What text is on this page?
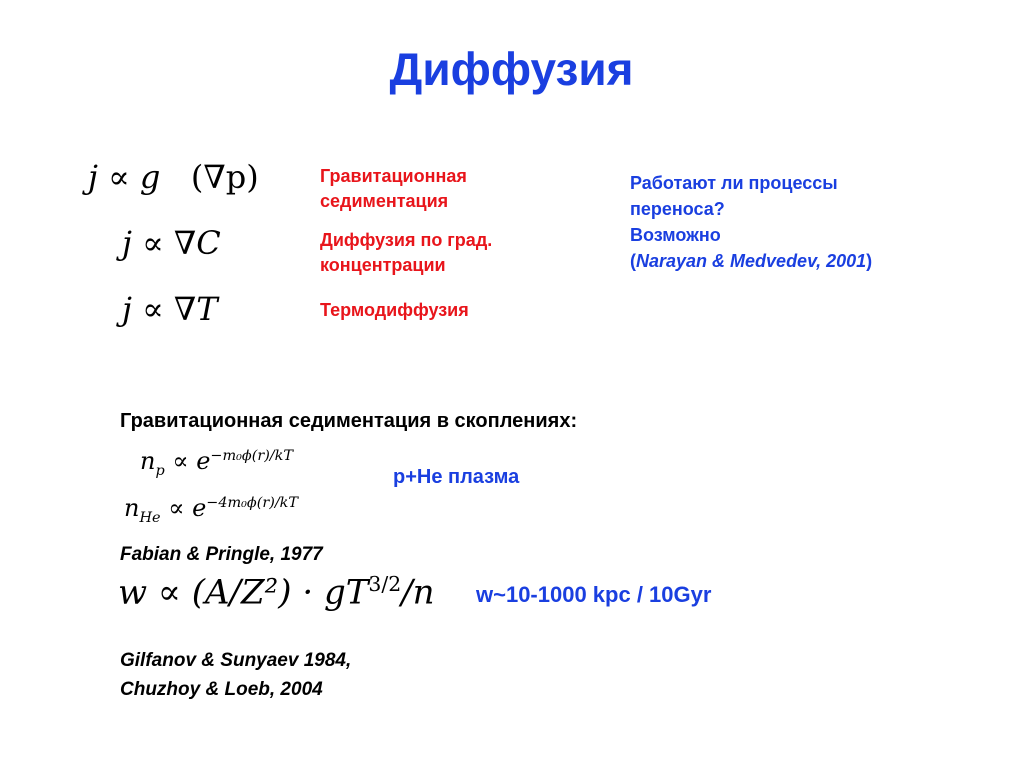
Диффузия
j ∝ g (∇p)
j ∝ ∇C
j ∝ ∇T
Гравитационная
седиментация
Диффузия по град.
концентрации
Термодиффузия
Работают ли процессы
переноса?
Возможно
(Narayan & Medvedev, 2001)
Гравитационная седиментация в скоплениях:
$n_p \propto e^{-m_0\phi(r)/kT}$
$n_{He} \propto e^{-4m_0\phi(r)/kT}$
p+He плазма
Fabian & Pringle, 1977
$w \propto (A/Z^2) \cdot gT^{3/2}/n$ w~10-1000 kpc / 10Gyr
Gilfanov & Sunyaev 1984,
Chuzhoy & Loeb, 2004
